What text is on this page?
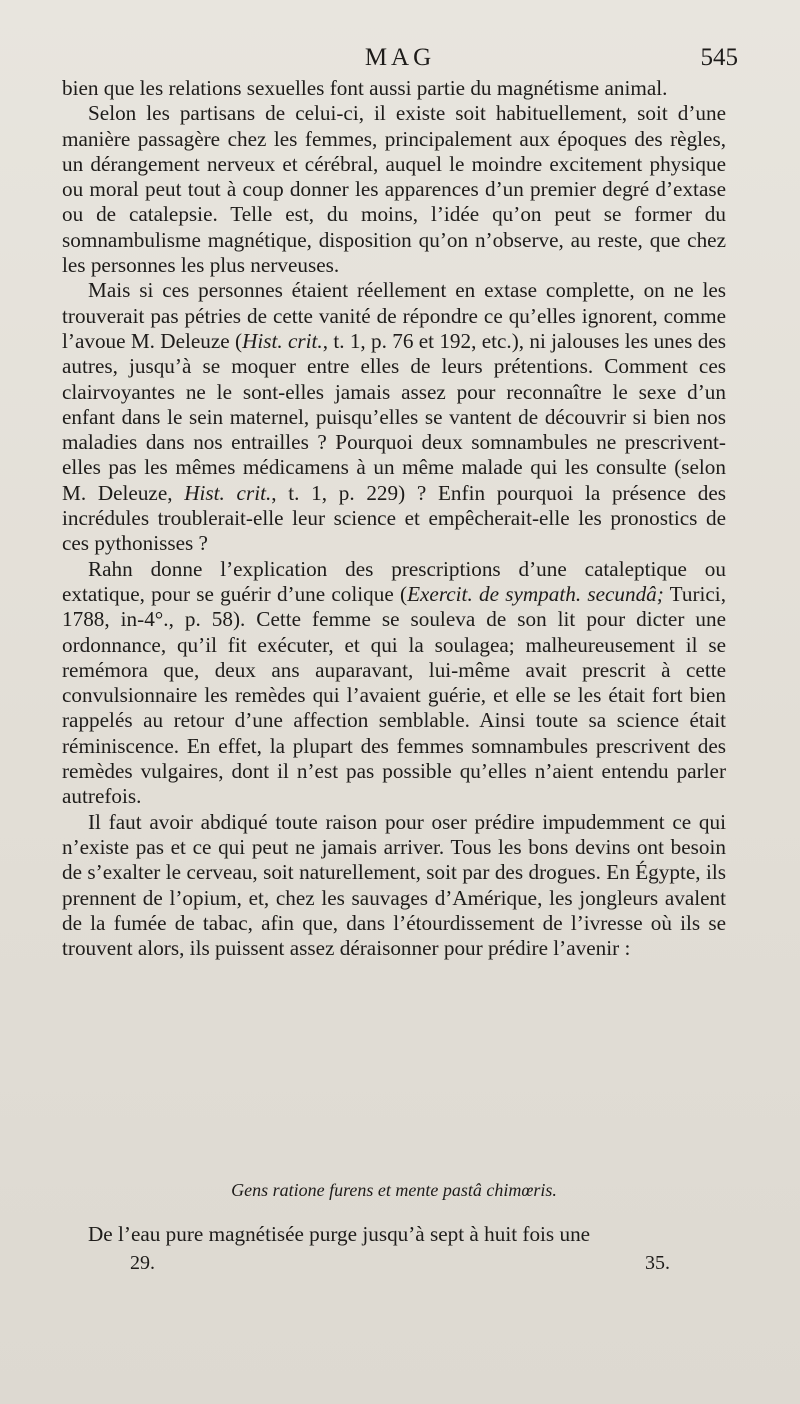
MAG	545

bien que les relations sexuelles font aussi partie du magnétisme animal.

Selon les partisans de celui-ci, il existe soit habituellement, soit d’une manière passagère chez les femmes, principalement aux époques des règles, un dérangement nerveux et cérébral, auquel le moindre excitement physique ou moral peut tout à coup donner les apparences d’un premier degré d’extase ou de catalepsie. Telle est, du moins, l’idée qu’on peut se former du somnambulisme magnétique, disposition qu’on n’observe, au reste, que chez les personnes les plus nerveuses.

Mais si ces personnes étaient réellement en extase complette, on ne les trouverait pas pétries de cette vanité de répondre ce qu’elles ignorent, comme l’avoue M. Deleuze (Hist. crit., t. 1, p. 76 et 192, etc.), ni jalouses les unes des autres, jusqu’à se moquer entre elles de leurs prétentions. Comment ces clairvoyantes ne le sont-elles jamais assez pour reconnaître le sexe d’un enfant dans le sein maternel, puisqu’elles se vantent de découvrir si bien nos maladies dans nos entrailles ? Pourquoi deux somnambules ne prescrivent-elles pas les mêmes médicamens à un même malade qui les consulte (selon M. Deleuze, Hist. crit., t. 1, p. 229) ? Enfin pourquoi la présence des incrédules troublerait-elle leur science et empêcherait-elle les pronostics de ces pythonisses ?

Rahn donne l’explication des prescriptions d’une cataleptique ou extatique, pour se guérir d’une colique (Exercit. de sympath. secundâ; Turici, 1788, in-4°., p. 58). Cette femme se souleva de son lit pour dicter une ordonnance, qu’il fit exécuter, et qui la soulagea; malheureusement il se remémora que, deux ans auparavant, lui-même avait prescrit à cette convulsionnaire les remèdes qui l’avaient guérie, et elle se les était fort bien rappelés au retour d’une affection semblable. Ainsi toute sa science était réminiscence. En effet, la plupart des femmes somnambules prescrivent des remèdes vulgaires, dont il n’est pas possible qu’elles n’aient entendu parler autrefois.

Il faut avoir abdiqué toute raison pour oser prédire impudemment ce qui n’existe pas et ce qui peut ne jamais arriver. Tous les bons devins ont besoin de s’exalter le cerveau, soit naturellement, soit par des drogues. En Égypte, ils prennent de l’opium, et, chez les sauvages d’Amérique, les jongleurs avalent de la fumée de tabac, afin que, dans l’étourdissement de l’ivresse où ils se trouvent alors, ils puissent assez déraisonner pour prédire l’avenir :

Gens ratione furens et mente pastâ chimœris.
De l’eau pure magnétisée purge jusqu’à sept à huit fois une
29.	35.
